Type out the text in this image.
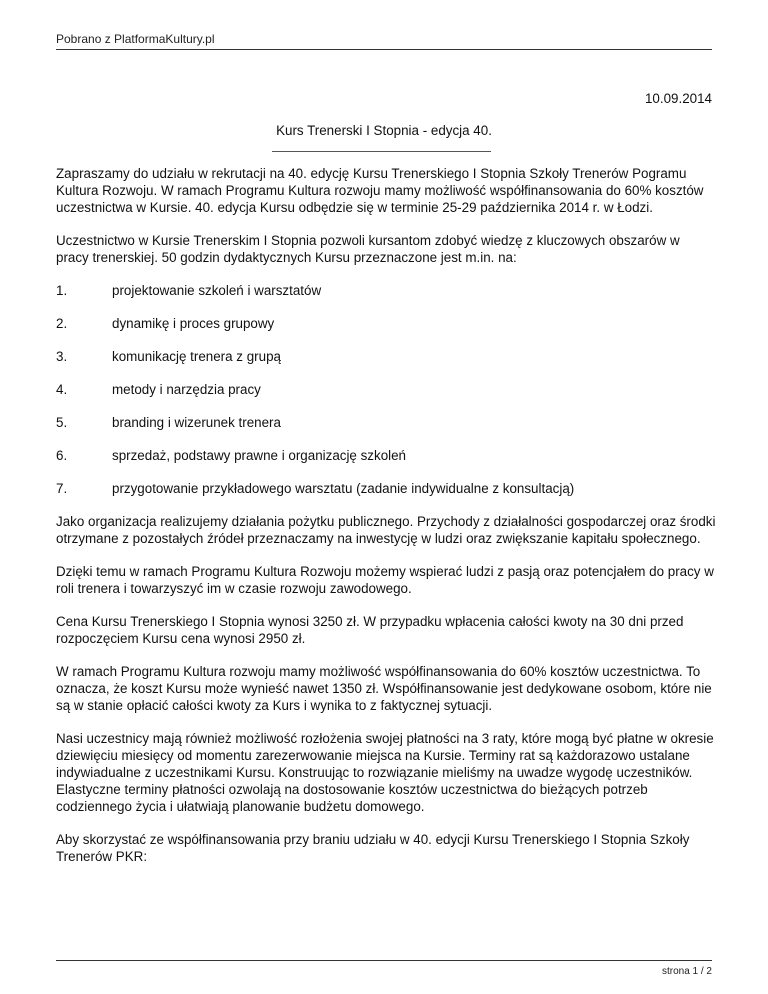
Pobrano z PlatformaKultury.pl
10.09.2014
Kurs Trenerski I Stopnia - edycja 40.

Zapraszamy do udziału w rekrutacji na 40. edycję Kursu Trenerskiego I Stopnia Szkoły Trenerów Pogramu Kultura Rozwoju. W ramach Programu Kultura rozwoju mamy możliwość współfinansowania do 60% kosztów uczestnictwa w Kursie. 40. edycja Kursu odbędzie się w terminie 25-29 października 2014 r. w Łodzi.

Uczestnictwo w Kursie Trenerskim I Stopnia pozwoli kursantom zdobyć wiedzę z kluczowych obszarów w pracy trenerskiej. 50 godzin dydaktycznych Kursu przeznaczone jest m.in. na:

1.	projektowanie szkoleń i warsztatów
2.	dynamikę i proces grupowy
3.	komunikację trenera z grupą
4.	metody i narzędzia pracy
5.	branding i wizerunek trenera
6.	sprzedaż, podstawy prawne i organizację szkoleń
7.	przygotowanie przykładowego warsztatu (zadanie indywidualne z konsultacją)

Jako organizacja realizujemy działania pożytku publicznego. Przychody z działalności gospodarczej oraz środki otrzymane z pozostałych źródeł przeznaczamy na inwestycję w ludzi oraz zwiększanie kapitału społecznego.

Dzięki temu w ramach Programu Kultura Rozwoju możemy wspierać ludzi z pasją oraz potencjałem do pracy w roli trenera i towarzyszyć im w czasie rozwoju zawodowego.

Cena Kursu Trenerskiego I Stopnia wynosi 3250 zł. W przypadku wpłacenia całości kwoty na 30 dni przed rozpoczęciem Kursu cena wynosi 2950 zł.

W ramach Programu Kultura rozwoju mamy możliwość współfinansowania do 60% kosztów uczestnictwa. To oznacza, że koszt Kursu może wynieść nawet 1350 zł. Współfinansowanie jest dedykowane osobom, które nie są w stanie opłacić całości kwoty za Kurs i wynika to z faktycznej sytuacji.

Nasi uczestnicy mają również możliwość rozłożenia swojej płatności na 3 raty, które mogą być płatne w okresie dziewięciu miesięcy od momentu zarezerwowanie miejsca na Kursie. Terminy rat są każdorazowo ustalane indywiadualne z uczestnikami Kursu. Konstruując to rozwiązanie mieliśmy na uwadze wygodę uczestników. Elastyczne terminy płatności ozwolają na dostosowanie kosztów uczestnictwa do bieżących potrzeb codziennego życia i ułatwiają planowanie budżetu domowego.

Aby skorzystać ze współfinansowania przy braniu udziału w 40. edycji Kursu Trenerskiego I Stopnia Szkoły Trenerów PKR:

strona 1 / 2
